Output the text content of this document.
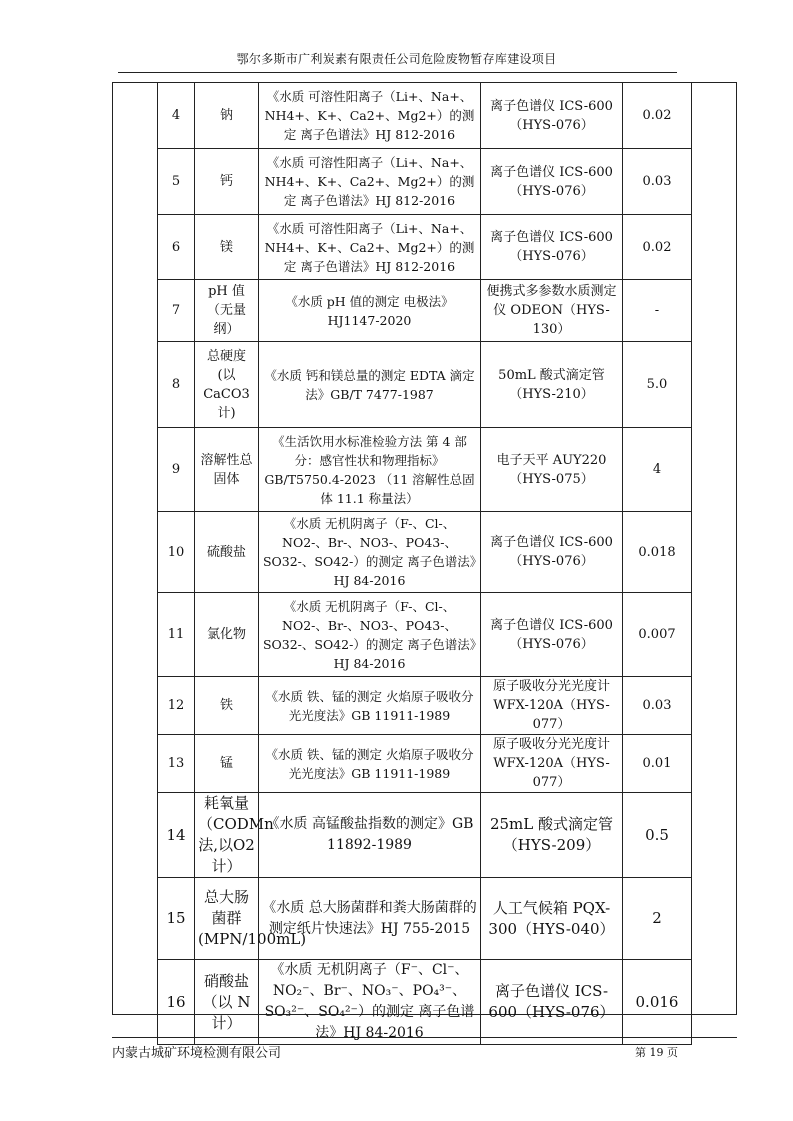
鄂尔多斯市广利炭素有限责任公司危险废物暂存库建设项目
4	钠	《水质 可溶性阳离子（Li+、Na+、NH4+、K+、Ca2+、Mg2+）的测定 离子色谱法》HJ 812-2016	离子色谱仪 ICS-600（HYS-076）	0.02
5	钙	《水质 可溶性阳离子（Li+、Na+、NH4+、K+、Ca2+、Mg2+）的测定 离子色谱法》HJ 812-2016	离子色谱仪 ICS-600（HYS-076）	0.03
6	镁	《水质 可溶性阳离子（Li+、Na+、NH4+、K+、Ca2+、Mg2+）的测定 离子色谱法》HJ 812-2016	离子色谱仪 ICS-600（HYS-076）	0.02
7	pH 值（无量纲）	《水质 pH 值的测定 电极法》HJ1147-2020	便携式多参数水质测定仪 ODEON（HYS-130）	-
8	总硬度(以CaCO3计)	《水质 钙和镁总量的测定 EDTA 滴定法》GB/T 7477-1987	50mL 酸式滴定管（HYS-210）	5.0
9	溶解性总固体	《生活饮用水标准检验方法 第 4 部分：感官性状和物理指标》GB/T5750.4-2023 （11 溶解性总固体 11.1 称量法）	电子天平 AUY220（HYS-075）	4
10	硫酸盐	《水质 无机阴离子（F-、Cl-、NO2-、Br-、NO3-、PO43-、SO32-、SO42-）的测定 离子色谱法》HJ 84-2016	离子色谱仪 ICS-600（HYS-076）	0.018
11	氯化物	《水质 无机阴离子（F-、Cl-、NO2-、Br-、NO3-、PO43-、SO32-、SO42-）的测定 离子色谱法》HJ 84-2016	离子色谱仪 ICS-600（HYS-076）	0.007
12	铁	《水质 铁、锰的测定 火焰原子吸收分光光度法》GB 11911-1989	原子吸收分光光度计 WFX-120A（HYS-077）	0.03
13	锰	《水质 铁、锰的测定 火焰原子吸收分光光度法》GB 11911-1989	原子吸收分光光度计 WFX-120A（HYS-077）	0.01
14	耗氧量（CODMn法,以O2计）	《水质 高锰酸盐指数的测定》GB 11892-1989	25mL 酸式滴定管（HYS-209）	0.5
15	总大肠菌群(MPN/100mL)	《水质 总大肠菌群和粪大肠菌群的测定纸片快速法》HJ 755-2015	人工气候箱 PQX-300（HYS-040）	2
16	硝酸盐（以 N 计）	《水质 无机阴离子（F⁻、Cl⁻、NO₂⁻、Br⁻、NO₃⁻、PO₄³⁻、SO₃²⁻、SO₄²⁻）的测定 离子色谱法》HJ 84-2016	离子色谱仪 ICS-600（HYS-076）	0.016
内蒙古城矿环境检测有限公司	第 19 页
